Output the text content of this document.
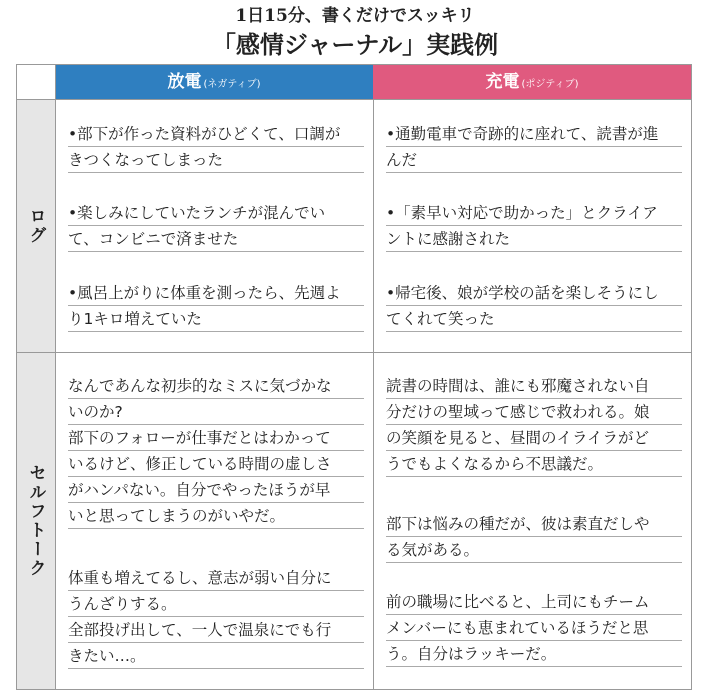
1日15分、書くだけでスッキリ
「感情ジャーナル」実践例
放電 (ネガティブ)	充電 (ポジティブ)
ログ
セルフトーク
•部下が作った資料がひどくて、口調が
きつくなってしまった
•楽しみにしていたランチが混んでい
て、コンビニで済ませた
•風呂上がりに体重を測ったら、先週よ
り1キロ増えていた
•通勤電車で奇跡的に座れて、読書が進
んだ
•「素早い対応で助かった」とクライア
ントに感謝された
•帰宅後、娘が学校の話を楽しそうにし
てくれて笑った
なんであんな初歩的なミスに気づかな
いのか?
部下のフォローが仕事だとはわかって
いるけど、修正している時間の虚しさ
がハンパない。自分でやったほうが早
いと思ってしまうのがいやだ。
体重も増えてるし、意志が弱い自分に
うんざりする。
全部投げ出して、一人で温泉にでも行
きたい…。
読書の時間は、誰にも邪魔されない自
分だけの聖域って感じで救われる。娘
の笑顔を見ると、昼間のイライラがど
うでもよくなるから不思議だ。
部下は悩みの種だが、彼は素直だしや
る気がある。
前の職場に比べると、上司にもチーム
メンバーにも恵まれているほうだと思
う。自分はラッキーだ。
